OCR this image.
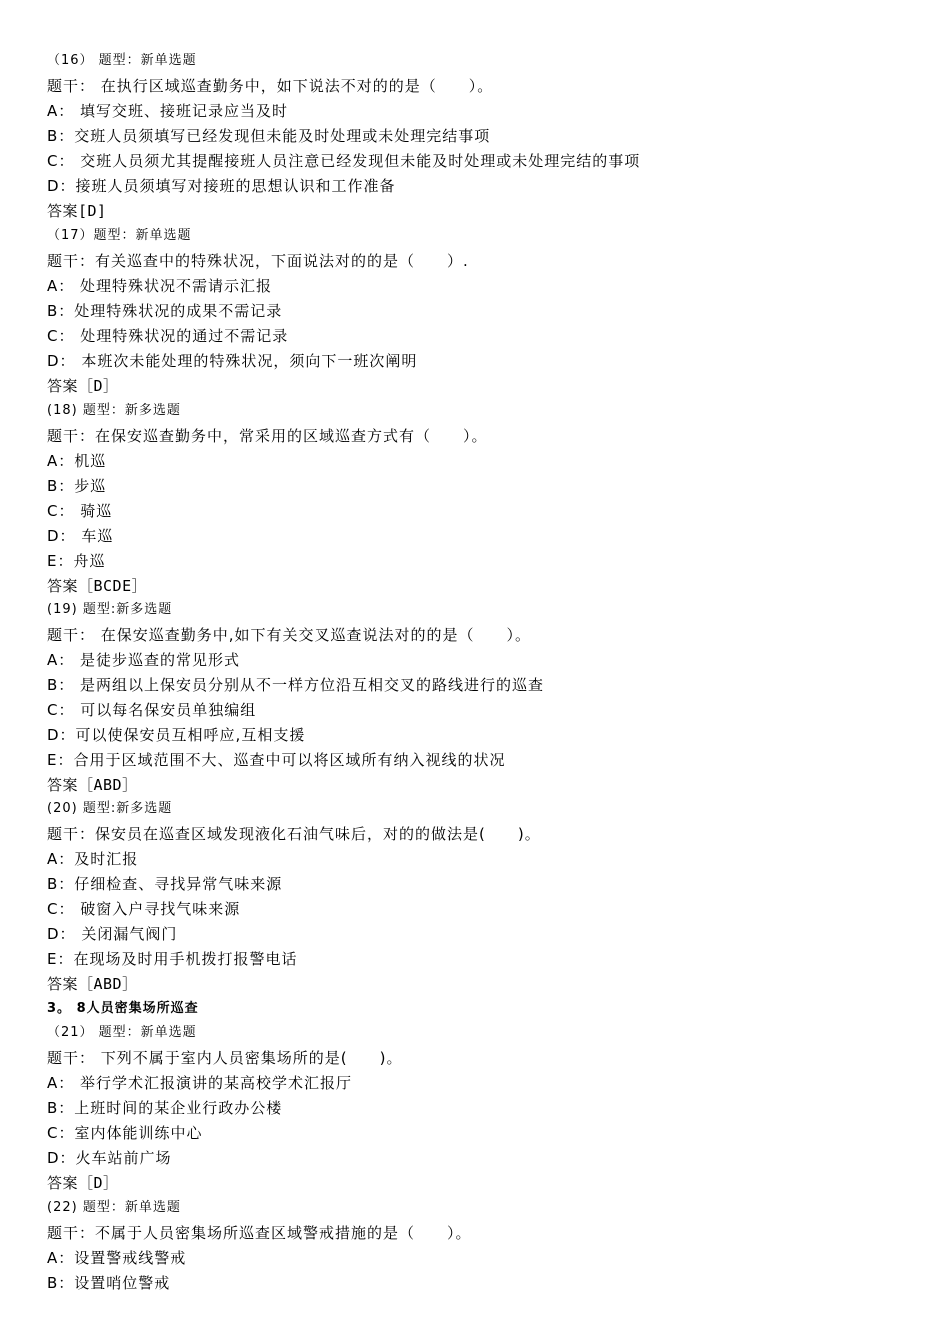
（16） 题型：新单选题
题干： 在执行区域巡查勤务中，如下说法不对的的是（　　）。
A： 填写交班、接班记录应当及时
B：交班人员须填写已经发现但未能及时处理或未处理完结事项
C： 交班人员须尤其提醒接班人员注意已经发现但未能及时处理或未处理完结的事项
D：接班人员须填写对接班的思想认识和工作准备
答案[D]
（17）题型：新单选题
题干：有关巡查中的特殊状况，下面说法对的的是（　　）.
A： 处理特殊状况不需请示汇报
B：处理特殊状况的成果不需记录
C： 处理特殊状况的通过不需记录
D： 本班次未能处理的特殊状况，须向下一班次阐明
答案［D］
(18) 题型：新多选题
题干：在保安巡查勤务中，常采用的区域巡查方式有（　　）。
A：机巡
B：步巡
C： 骑巡
D： 车巡
E：舟巡
答案［BCDE］
(19) 题型:新多选题
题干： 在保安巡查勤务中,如下有关交叉巡查说法对的的是（　　）。
A： 是徒步巡查的常见形式
B： 是两组以上保安员分别从不一样方位沿互相交叉的路线进行的巡查
C： 可以每名保安员单独编组
D：可以使保安员互相呼应,互相支援
E：合用于区域范围不大、巡查中可以将区域所有纳入视线的状况
答案［ABD］
(20) 题型:新多选题
题干：保安员在巡查区域发现液化石油气味后，对的的做法是(　　)。
A：及时汇报
B：仔细检查、寻找异常气味来源
C： 破窗入户寻找气味来源
D： 关闭漏气阀门
E：在现场及时用手机拨打报警电话
答案［ABD］
3。 8人员密集场所巡查
（21） 题型：新单选题
题干： 下列不属于室内人员密集场所的是(　　)。
A： 举行学术汇报演讲的某高校学术汇报厅
B：上班时间的某企业行政办公楼
C：室内体能训练中心
D：火车站前广场
答案［D］
(22) 题型：新单选题
题干：不属于人员密集场所巡查区域警戒措施的是（　　）。
A：设置警戒线警戒
B：设置哨位警戒
